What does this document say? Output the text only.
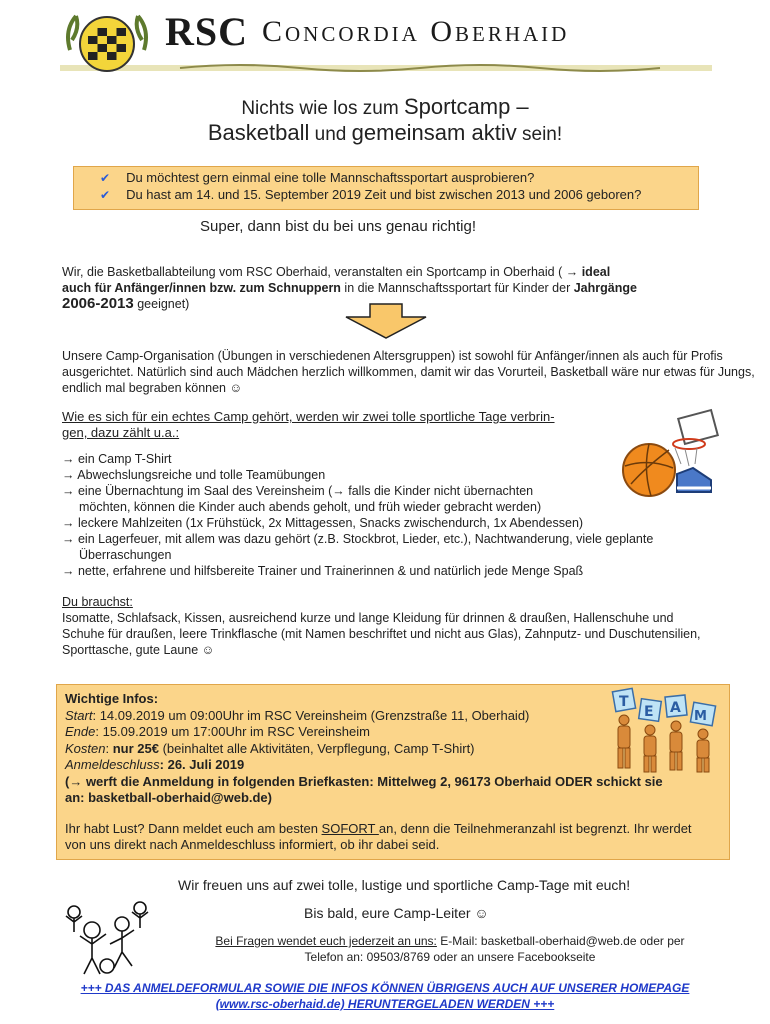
RSC Concordia Oberhaid
Nichts wie los zum Sportcamp –
Basketball und gemeinsam aktiv sein!
✔ Du möchtest gern einmal eine tolle Mannschaftssportart ausprobieren?
✔ Du hast am 14. und 15. September 2019 Zeit und bist zwischen 2013 und 2006 geboren?
Super, dann bist du bei uns genau richtig!
Wir, die Basketballabteilung vom RSC Oberhaid, veranstalten ein Sportcamp in Oberhaid ( → ideal
auch für Anfänger/innen bzw. zum Schnuppern in die Mannschaftssportart für Kinder der Jahrgänge
2006-2013 geeignet)
Unsere Camp-Organisation (Übungen in verschiedenen Altersgruppen) ist sowohl für Anfänger/innen als auch für Profis ausgerichtet. Natürlich sind auch Mädchen herzlich willkommen, damit wir das Vorurteil, Basketball wäre nur etwas für Jungs, endlich mal begraben können ☺
Wie es sich für ein echtes Camp gehört, werden wir zwei tolle sportliche Tage verbrin-
gen, dazu zählt u.a.:
→ ein Camp T-Shirt
→ Abwechslungsreiche und tolle Teamübungen
→ eine Übernachtung im Saal des Vereinsheim (→ falls die Kinder nicht übernachten
möchten, können die Kinder auch abends geholt, und früh wieder gebracht werden)
→ leckere Mahlzeiten (1x Frühstück, 2x Mittagessen, Snacks zwischendurch, 1x Abendessen)
→ ein Lagerfeuer, mit allem was dazu gehört (z.B. Stockbrot, Lieder, etc.), Nachtwanderung, viele geplante
Überraschungen
→ nette, erfahrene und hilfsbereite Trainer und Trainerinnen & und natürlich jede Menge Spaß
Du brauchst:
Isomatte, Schlafsack, Kissen, ausreichend kurze und lange Kleidung für drinnen & draußen, Hallenschuhe und Schuhe für draußen, leere Trinkflasche (mit Namen beschriftet und nicht aus Glas), Zahnputz- und Duschutensilien, Sporttasche, gute Laune ☺
Wichtige Infos:
Start: 14.09.2019 um 09:00Uhr im RSC Vereinsheim (Grenzstraße 11, Oberhaid)
Ende: 15.09.2019 um 17:00Uhr im RSC Vereinsheim
Kosten: nur 25€ (beinhaltet alle Aktivitäten, Verpflegung, Camp T-Shirt)
Anmeldeschluss: 26. Juli 2019
(→ werft die Anmeldung in folgenden Briefkasten: Mittelweg 2, 96173 Oberhaid ODER schickt sie
an: basketball-oberhaid@web.de)
Ihr habt Lust? Dann meldet euch am besten SOFORT an, denn die Teilnehmeranzahl ist begrenzt. Ihr werdet
von uns direkt nach Anmeldeschluss informiert, ob ihr dabei seid.
T
E A
M
Wir freuen uns auf zwei tolle, lustige und sportliche Camp-Tage mit euch!
Bis bald, eure Camp-Leiter ☺
Bei Fragen wendet euch jederzeit an uns: E-Mail: basketball-oberhaid@web.de oder per
Telefon an: 09503/8769 oder an unsere Facebookseite
+++ DAS ANMELDEFORMULAR SOWIE DIE INFOS KÖNNEN ÜBRIGENS AUCH AUF UNSERER HOMEPAGE
(www.rsc-oberhaid.de) HERUNTERGELADEN WERDEN +++
